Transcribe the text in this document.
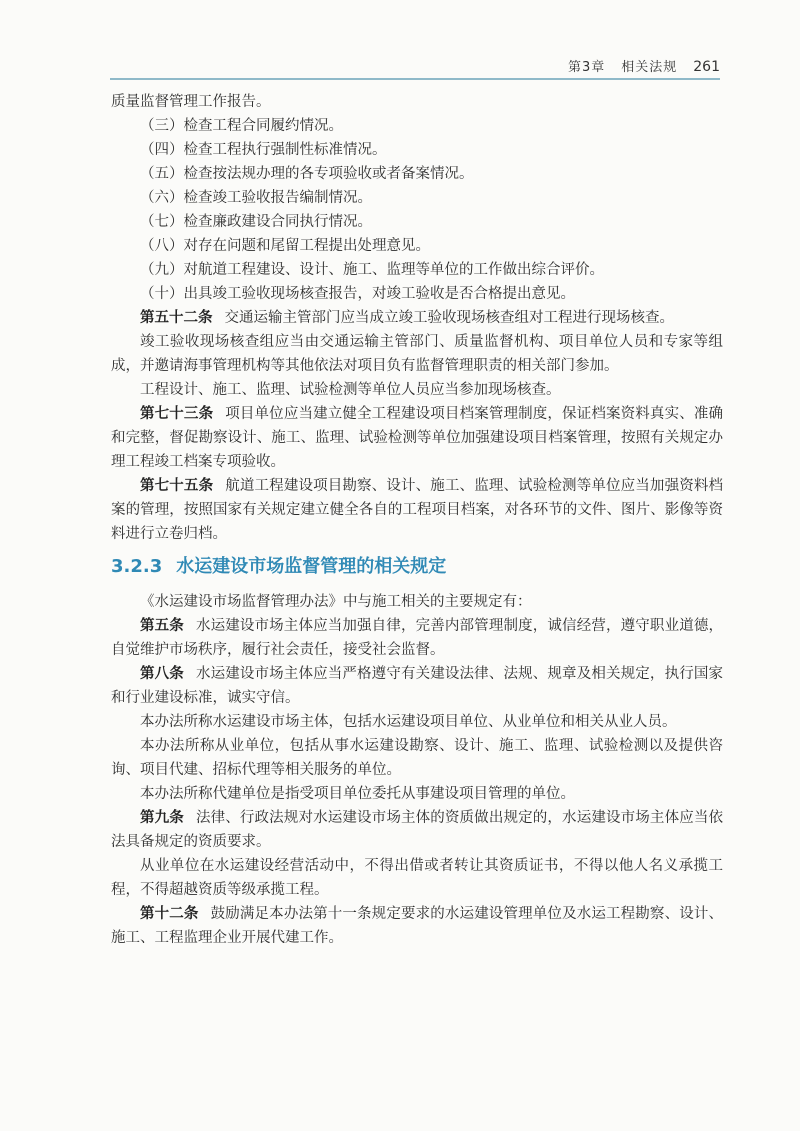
第3章 相关法规 261

质量监督管理工作报告。

（三）检查工程合同履约情况。

（四）检查工程执行强制性标准情况。

（五）检查按法规办理的各专项验收或者备案情况。

（六）检查竣工验收报告编制情况。

（七）检查廉政建设合同执行情况。

（八）对存在问题和尾留工程提出处理意见。

（九）对航道工程建设、设计、施工、监理等单位的工作做出综合评价。

（十）出具竣工验收现场核查报告，对竣工验收是否合格提出意见。

第五十二条 交通运输主管部门应当成立竣工验收现场核查组对工程进行现场核查。

竣工验收现场核查组应当由交通运输主管部门、质量监督机构、项目单位人员和专家等组成，并邀请海事管理机构等其他依法对项目负有监督管理职责的相关部门参加。

工程设计、施工、监理、试验检测等单位人员应当参加现场核查。

第七十三条 项目单位应当建立健全工程建设项目档案管理制度，保证档案资料真实、准确和完整，督促勘察设计、施工、监理、试验检测等单位加强建设项目档案管理，按照有关规定办理工程竣工档案专项验收。

第七十五条 航道工程建设项目勘察、设计、施工、监理、试验检测等单位应当加强资料档案的管理，按照国家有关规定建立健全各自的工程项目档案，对各环节的文件、图片、影像等资料进行立卷归档。

3.2.3 水运建设市场监督管理的相关规定

《水运建设市场监督管理办法》中与施工相关的主要规定有：

第五条 水运建设市场主体应当加强自律，完善内部管理制度，诚信经营，遵守职业道德，自觉维护市场秩序，履行社会责任，接受社会监督。

第八条 水运建设市场主体应当严格遵守有关建设法律、法规、规章及相关规定，执行国家和行业建设标准，诚实守信。

本办法所称水运建设市场主体，包括水运建设项目单位、从业单位和相关从业人员。

本办法所称从业单位，包括从事水运建设勘察、设计、施工、监理、试验检测以及提供咨询、项目代建、招标代理等相关服务的单位。

本办法所称代建单位是指受项目单位委托从事建设项目管理的单位。

第九条 法律、行政法规对水运建设市场主体的资质做出规定的，水运建设市场主体应当依法具备规定的资质要求。

从业单位在水运建设经营活动中，不得出借或者转让其资质证书，不得以他人名义承揽工程，不得超越资质等级承揽工程。

第十二条 鼓励满足本办法第十一条规定要求的水运建设管理单位及水运工程勘察、设计、施工、工程监理企业开展代建工作。
